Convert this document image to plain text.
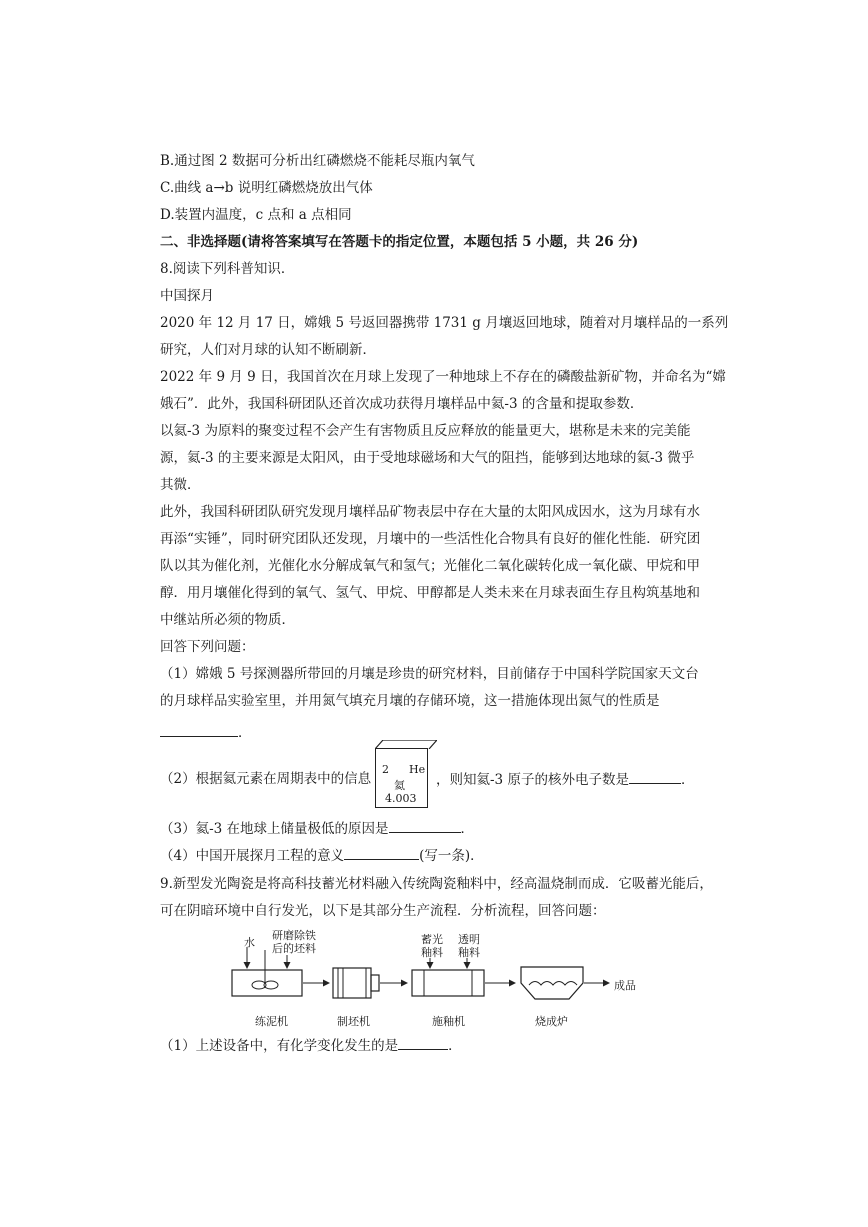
B.通过图 2 数据可分析出红磷燃烧不能耗尽瓶内氧气
C.曲线 a→b 说明红磷燃烧放出气体
D.装置内温度，c 点和 a 点相同
二、非选择题(请将答案填写在答题卡的指定位置，本题包括 5 小题，共 26 分)
8.阅读下列科普知识．
中国探月
2020 年 12 月 17 日，嫦娥 5 号返回器携带 1731 g 月壤返回地球，随着对月壤样品的一系列
研究，人们对月球的认知不断刷新．
2022 年 9 月 9 日，我国首次在月球上发现了一种地球上不存在的磷酸盐新矿物，并命名为“嫦
娥石”．此外，我国科研团队还首次成功获得月壤样品中氦-3 的含量和提取参数．
以氦-3 为原料的聚变过程不会产生有害物质且反应释放的能量更大，堪称是未来的完美能
源，氦-3 的主要来源是太阳风，由于受地球磁场和大气的阻挡，能够到达地球的氦-3 微乎
其微．
此外，我国科研团队研究发现月壤样品矿物表层中存在大量的太阳风成因水，这为月球有水
再添“实锤”，同时研究团队还发现，月壤中的一些活性化合物具有良好的催化性能．研究团
队以其为催化剂，光催化水分解成氧气和氢气；光催化二氧化碳转化成一氧化碳、甲烷和甲
醇．用月壤催化得到的氧气、氢气、甲烷、甲醇都是人类未来在月球表面生存且构筑基地和
中继站所必须的物质．
回答下列问题：
（1）嫦娥 5 号探测器所带回的月壤是珍贵的研究材料，目前储存于中国科学院国家天文台
的月球样品实验室里，并用氮气填充月壤的存储环境，这一措施体现出氮气的性质是
．
（2）根据氦元素在周期表中的信息
2 He
氦
4.003
，则知氦-3 原子的核外电子数是	．
（3）氦-3 在地球上储量极低的原因是	．
（4）中国开展探月工程的意义	(写一条)．
9.新型发光陶瓷是将高科技蓄光材料融入传统陶瓷釉料中，经高温烧制而成．它吸蓄光能后，
可在阴暗环境中自行发光，以下是其部分生产流程．分析流程，回答问题：
水
研磨除铁
后的坯料
蓄光
釉料
透明
釉料
练泥机	制坯机	施釉机	烧成炉
成品
（1）上述设备中，有化学变化发生的是	．
